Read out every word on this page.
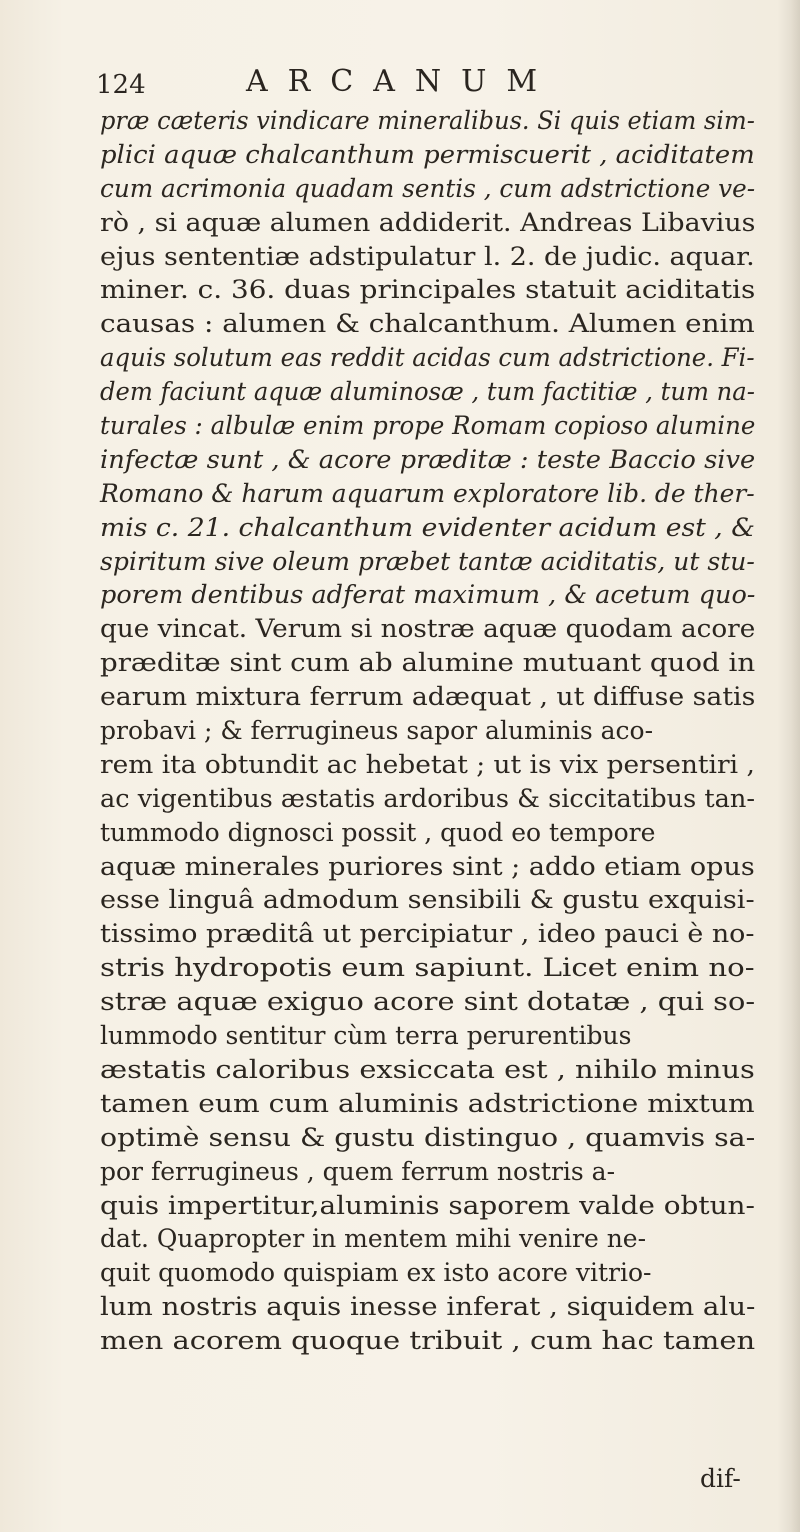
124	ARCANUM
præ cæteris vindicare mineralibus. Si quis etiam sim-
plici aquæ chalcanthum permiscuerit , aciditatem
cum acrimonia quadam sentis , cum adstrictione ve-
rò , si aquæ alumen addiderit. Andreas Libavius
ejus sententiæ adstipulatur l. 2. de judic. aquar.
miner. c. 36. duas principales statuit aciditatis
causas : alumen & chalcanthum. Alumen enim
aquis solutum eas reddit acidas cum adstrictione. Fi-
dem faciunt aquæ aluminosæ , tum factitiæ , tum na-
turales : albulæ enim prope Romam copioso alumine
infectæ sunt , & acore præditæ : teste Baccio sive
Romano & harum aquarum exploratore lib. de ther-
mis c. 21. chalcanthum evidenter acidum est , &
spiritum sive oleum præbet tantæ aciditatis, ut stu-
porem dentibus adferat maximum , & acetum quo-
que vincat. Verum si nostræ aquæ quodam acore
præditæ sint cum ab alumine mutuant quod in
earum mixtura ferrum adæquat , ut diffuse satis
probavi ; & ferrugineus sapor aluminis aco-
rem ita obtundit ac hebetat ; ut is vix persentiri ,
ac vigentibus æstatis ardoribus & siccitatibus tan-
tummodo dignosci possit , quod eo tempore
aquæ minerales puriores sint ; addo etiam opus
esse linguâ admodum sensibili & gustu exquisi-
tissimo præditâ ut percipiatur , ideo pauci è no-
stris hydropotis eum sapiunt. Licet enim no-
stræ aquæ exiguo acore sint dotatæ , qui so-
lummodo sentitur cùm terra perurentibus
æstatis caloribus exsiccata est , nihilo minus
tamen eum cum aluminis adstrictione mixtum
optimè sensu & gustu distinguo , quamvis sa-
por ferrugineus , quem ferrum nostris a-
quis impertitur,aluminis saporem valde obtun-
dat. Quapropter in mentem mihi venire ne-
quit quomodo quispiam ex isto acore vitrio-
lum nostris aquis inesse inferat , siquidem alu-
men acorem quoque tribuit , cum hac tamen
dif-
